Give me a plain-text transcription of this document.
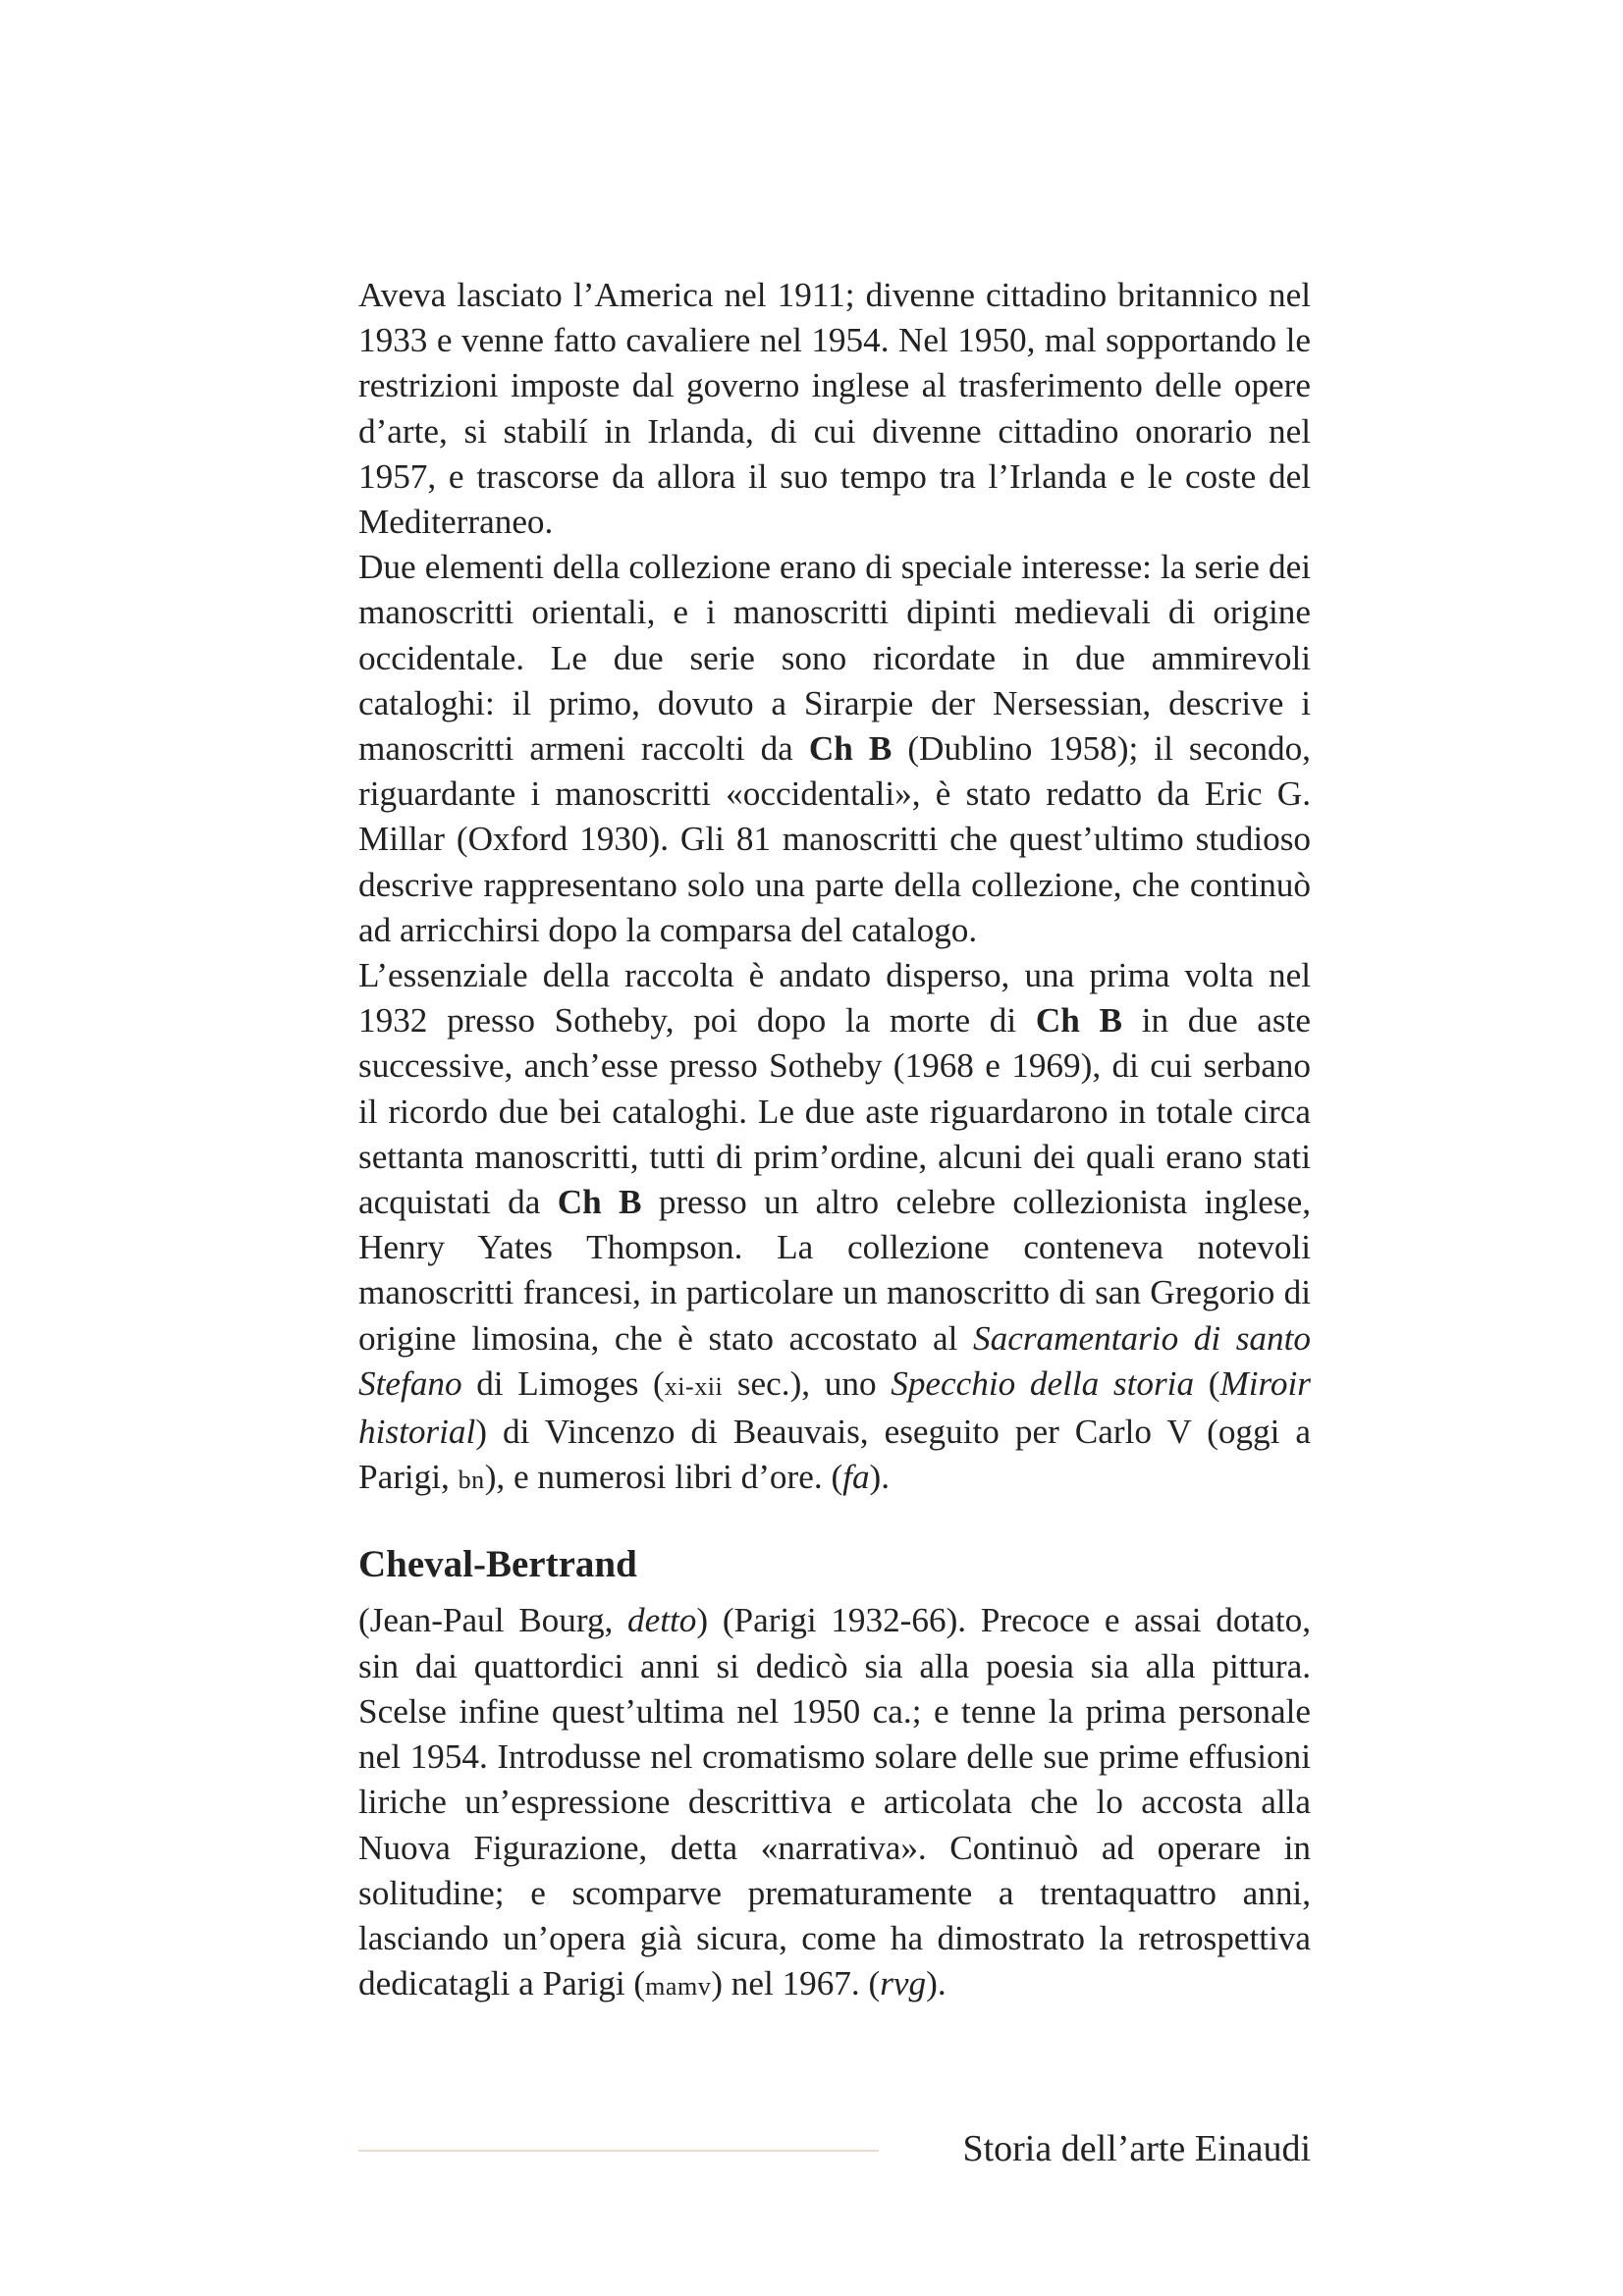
Aveva lasciato l’America nel 1911; divenne cittadino britannico nel 1933 e venne fatto cavaliere nel 1954. Nel 1950, mal sopportando le restrizioni imposte dal governo inglese al trasferimento delle opere d’arte, si stabilí in Irlanda, di cui divenne cittadino onorario nel 1957, e trascorse da allora il suo tempo tra l’Irlanda e le coste del Mediterraneo.
Due elementi della collezione erano di speciale interesse: la serie dei manoscritti orientali, e i manoscritti dipinti medievali di origine occidentale. Le due serie sono ricordate in due ammirevoli cataloghi: il primo, dovuto a Sirarpie der Nersessian, descrive i manoscritti armeni raccolti da Ch B (Dublino 1958); il secondo, riguardante i manoscritti «occidentali», è stato redatto da Eric G. Millar (Oxford 1930). Gli 81 manoscritti che quest’ultimo studioso descrive rappresentano solo una parte della collezione, che continuò ad arricchirsi dopo la comparsa del catalogo.
L’essenziale della raccolta è andato disperso, una prima volta nel 1932 presso Sotheby, poi dopo la morte di Ch B in due aste successive, anch’esse presso Sotheby (1968 e 1969), di cui serbano il ricordo due bei cataloghi. Le due aste riguardarono in totale circa settanta manoscritti, tutti di prim’ordine, alcuni dei quali erano stati acquistati da Ch B presso un altro celebre collezionista inglese, Henry Yates Thompson. La collezione conteneva notevoli manoscritti francesi, in particolare un manoscritto di san Gregorio di origine limosina, che è stato accostato al Sacramentario di santo Stefano di Limoges (xi-xii sec.), uno Specchio della storia (Miroir historial) di Vincenzo di Beauvais, eseguito per Carlo V (oggi a Parigi, bn), e numerosi libri d’ore. (fa).
Cheval-Bertrand
(Jean-Paul Bourg, detto) (Parigi 1932-66). Precoce e assai dotato, sin dai quattordici anni si dedicò sia alla poesia sia alla pittura. Scelse infine quest’ultima nel 1950 ca.; e tenne la prima personale nel 1954. Introdusse nel cromatismo solare delle sue prime effusioni liriche un’espressione descrittiva e articolata che lo accosta alla Nuova Figurazione, detta «narrativa». Continuò ad operare in solitudine; e scomparve prematuramente a trentaquattro anni, lasciando un’opera già sicura, come ha dimostrato la retrospettiva dedicatagli a Parigi (mamv) nel 1967. (rvg).
Storia dell’arte Einaudi
